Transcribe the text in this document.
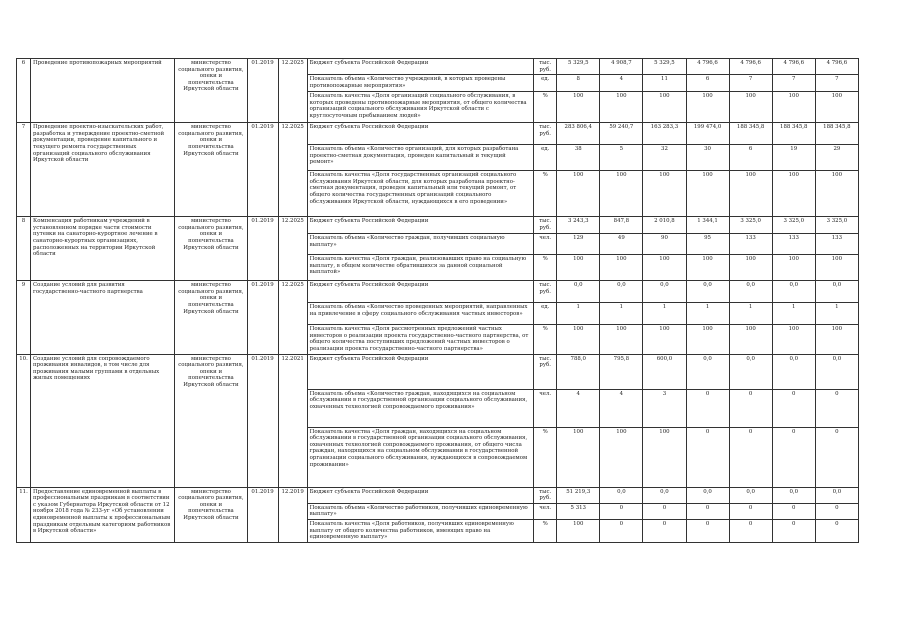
6	Проведение противопожарных мероприятий	министерство социального развития, опеки и попечительства Иркутской области	01.2019	12.2025	Бюджет субъекта Российской Федерации	тыс. руб.	5 329,5	4 908,7	5 329,5	4 796,6	4 796,6	4 796,6	4 796,6
					Показатель объема «Количество учреждений, в которых проведены противопожарные мероприятия»	ед.	8	4	11	6	7	7	7
					Показатель качества «Доля организаций социального обслуживания, в которых проведены противопожарные мероприятия, от общего количества организаций социального обслуживания Иркутской области с круглосуточным пребыванием людей»	%	100	100	100	100	100	100	100
7	Проведение проектно-изыскательских работ, разработка и утверждение проектно-сметной документации, проведение капитального и текущего ремонта государственных организаций социального обслуживания Иркутской области	министерство социального развития, опеки и попечительства Иркутской области	01.2019	12.2025	Бюджет субъекта Российской Федерации	тыс. руб.	283 806,4	59 240,7	163 283,3	199 474,0	188 345,8	188 345,8	188 345,8
					Показатель объема «Количество организаций, для которых разработана проектно-сметная документация, проведен капитальный и текущий ремонт»	ед.	38	5	32	30	6	19	29
					Показатель качества «Доля государственных организаций социального обслуживания Иркутской области, для которых разработана проектно-сметная документация, проведен капитальный или текущий ремонт, от общего количества государственных организаций социального обслуживания Иркутской области, нуждающихся в его проведении»	%	100	100	100	100	100	100	100
8	Компенсация работникам учреждений в установленном порядке части стоимости путевки на санаторно-курортное лечение в санаторно-курортных организациях, расположенных на территории Иркутской области	министерство социального развития, опеки и попечительства Иркутской области	01.2019	12.2025	Бюджет субъекта Российской Федерации	тыс. руб.	3 243,3	847,8	2 010,8	1 344,1	3 325,0	3 325,0	3 325,0
					Показатель объема «Количество граждан, получивших социальную выплату»	чел.	129	49	90	95	133	133	133
					Показатель качества «Доля граждан, реализовавших право на социальную выплату, в общем количестве обратившихся за данной социальной выплатой»	%	100	100	100	100	100	100	100
9	Создание условий для развития государственно-частного партнерства	министерство социального развития, опеки и попечительства Иркутской области	01.2019	12.2025	Бюджет субъекта Российской Федерации	тыс. руб.	0,0	0,0	0,0	0,0	0,0	0,0	0,0
					Показатель объема «Количество проведенных мероприятий, направленных на привлечение в сферу социального обслуживания частных инвесторов»	ед.	1	1	1	1	1	1	1
					Показатель качества «Доля рассмотренных предложений частных инвесторов о реализации проекта государственно-частного партнерства, от общего количества поступивших предложений частных инвесторов о реализации проекта государственно-частного партнерства»	%	100	100	100	100	100	100	100
10.	Создание условий для сопровождаемого проживания инвалидов, в том числе для проживания малыми группами в отдельных жилых помещениях	министерство социального развития, опеки и попечительства Иркутской области	01.2019	12.2021	Бюджет субъекта Российской Федерации	тыс. руб.	788,0	795,8	600,0	0,0	0,0	0,0	0,0
					Показатель объема «Количество граждан, находящихся на социальном обслуживании в государственной организации социального обслуживания, охваченных технологией сопровождаемого проживания»	чел.	4	4	3	0	0	0	0
					Показатель качества «Доля граждан, находящихся на социальном обслуживании в государственной организации социального обслуживания, охваченных технологией сопровождаемого проживания, от общего числа граждан, находящихся на социальном обслуживании в государственной организации социального обслуживания, нуждающихся в сопровождаемом проживании»	%	100	100	100	0	0	0	0
11.	Предоставление единовременной выплаты в профессиональным праздникам в соответствии с указом Губернатора Иркутской области от 12 ноября 2018 года № 233-уг «Об установлении единовременной выплаты к профессиональным праздникам отдельным категориям работников в Иркутской области»	министерство социального развития, опеки и попечительства Иркутской области	01.2019	12.2019	Бюджет субъекта Российской Федерации	тыс. руб.	51 219,3	0,0	0,0	0,0	0,0	0,0	0,0
					Показатель объема «Количество работников, получивших единовременную выплату»	чел.	5 313	0	0	0	0	0	0
					Показатель качества «Доля работников, получивших единовременную выплату от общего количества работников, имеющих право на единовременную выплату»	%	100	0	0	0	0	0	0
